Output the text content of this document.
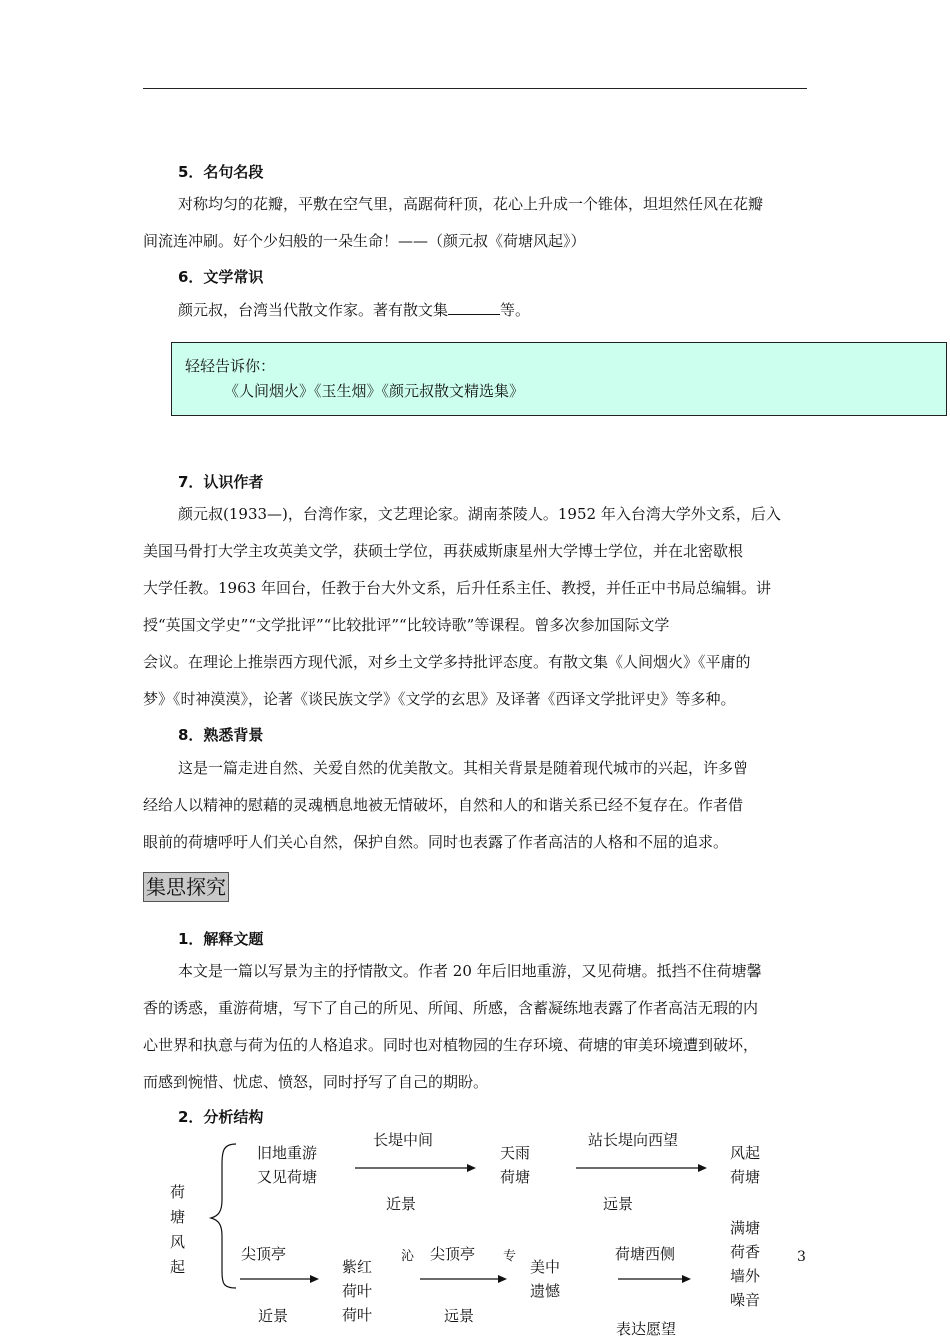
5．名句名段
对称均匀的花瓣，平敷在空气里，高踞荷秆顶，花心上升成一个锥体，坦坦然任风在花瓣
间流连冲刷。好个少妇般的一朵生命！——（颜元叔《荷塘风起》）
6．文学常识
颜元叔，台湾当代散文作家。著有散文集	等。
轻轻告诉你：
《人间烟火》《玉生烟》《颜元叔散文精选集》
7．认识作者
颜元叔(1933—)，台湾作家，文艺理论家。湖南茶陵人。1952 年入台湾大学外文系，后入
美国马骨打大学主攻英美文学，获硕士学位，再获威斯康星州大学博士学位，并在北密歇根
大学任教。1963 年回台，任教于台大外文系，后升任系主任、教授，并任正中书局总编辑。讲
授“英国文学史”“文学批评”“比较批评”“比较诗歌”等课程。曾多次参加国际文学
会议。在理论上推崇西方现代派，对乡土文学多持批评态度。有散文集《人间烟火》《平庸的
梦》《时神漠漠》，论著《谈民族文学》《文学的玄思》及译著《西译文学批评史》等多种。
8．熟悉背景
这是一篇走进自然、关爱自然的优美散文。其相关背景是随着现代城市的兴起，许多曾
经给人以精神的慰藉的灵魂栖息地被无情破坏，自然和人的和谐关系已经不复存在。作者借
眼前的荷塘呼吁人们关心自然，保护自然。同时也表露了作者高洁的人格和不屈的追求。
集思探究
1．解释文题
本文是一篇以写景为主的抒情散文。作者 20 年后旧地重游，又见荷塘。抵挡不住荷塘馨
香的诱惑，重游荷塘，写下了自己的所见、所闻、所感，含蓄凝练地表露了作者高洁无瑕的内
心世界和执意与荷为伍的人格追求。同时也对植物园的生存环境、荷塘的审美环境遭到破坏，
而感到惋惜、忧虑、愤怒，同时抒写了自己的期盼。
2．分析结构
荷
塘
风
起
旧地重游
又见荷塘
长堤中间
近景
天雨
荷塘
站长堤向西望
远景
风起
荷塘
尖顶亭
近景
紫红
荷叶
荷叶
沁 尖顶亭
远景
专
美中
遗憾
荷塘西侧
表达愿望
满塘
荷香
墙外
噪音
3
